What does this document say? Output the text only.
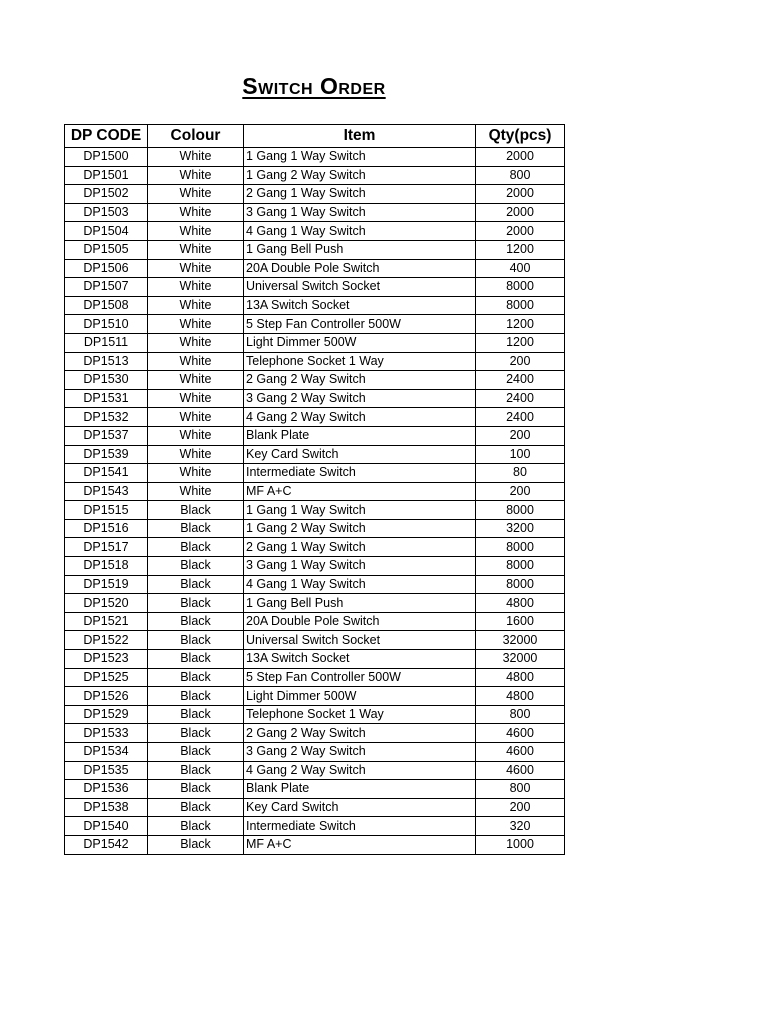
Switch Order
DP CODE	Colour	Item	Qty(pcs)
DP1500	White	1 Gang 1 Way Switch	2000
DP1501	White	1 Gang 2 Way Switch	800
DP1502	White	2 Gang 1 Way Switch	2000
DP1503	White	3 Gang 1 Way Switch	2000
DP1504	White	4 Gang 1 Way Switch	2000
DP1505	White	1 Gang Bell Push	1200
DP1506	White	20A Double Pole Switch	400
DP1507	White	Universal Switch Socket	8000
DP1508	White	13A Switch Socket	8000
DP1510	White	5 Step Fan Controller 500W	1200
DP1511	White	Light Dimmer 500W	1200
DP1513	White	Telephone Socket 1 Way	200
DP1530	White	2 Gang 2 Way Switch	2400
DP1531	White	3 Gang 2 Way Switch	2400
DP1532	White	4 Gang 2 Way Switch	2400
DP1537	White	Blank Plate	200
DP1539	White	Key Card Switch	100
DP1541	White	Intermediate Switch	80
DP1543	White	MF A+C	200
DP1515	Black	1 Gang 1 Way Switch	8000
DP1516	Black	1 Gang 2 Way Switch	3200
DP1517	Black	2 Gang 1 Way Switch	8000
DP1518	Black	3 Gang 1 Way Switch	8000
DP1519	Black	4 Gang 1 Way Switch	8000
DP1520	Black	1 Gang Bell Push	4800
DP1521	Black	20A Double Pole Switch	1600
DP1522	Black	Universal Switch Socket	32000
DP1523	Black	13A Switch Socket	32000
DP1525	Black	5 Step Fan Controller 500W	4800
DP1526	Black	Light Dimmer 500W	4800
DP1529	Black	Telephone Socket 1 Way	800
DP1533	Black	2 Gang 2 Way Switch	4600
DP1534	Black	3 Gang 2 Way Switch	4600
DP1535	Black	4 Gang 2 Way Switch	4600
DP1536	Black	Blank Plate	800
DP1538	Black	Key Card Switch	200
DP1540	Black	Intermediate Switch	320
DP1542	Black	MF A+C	1000
